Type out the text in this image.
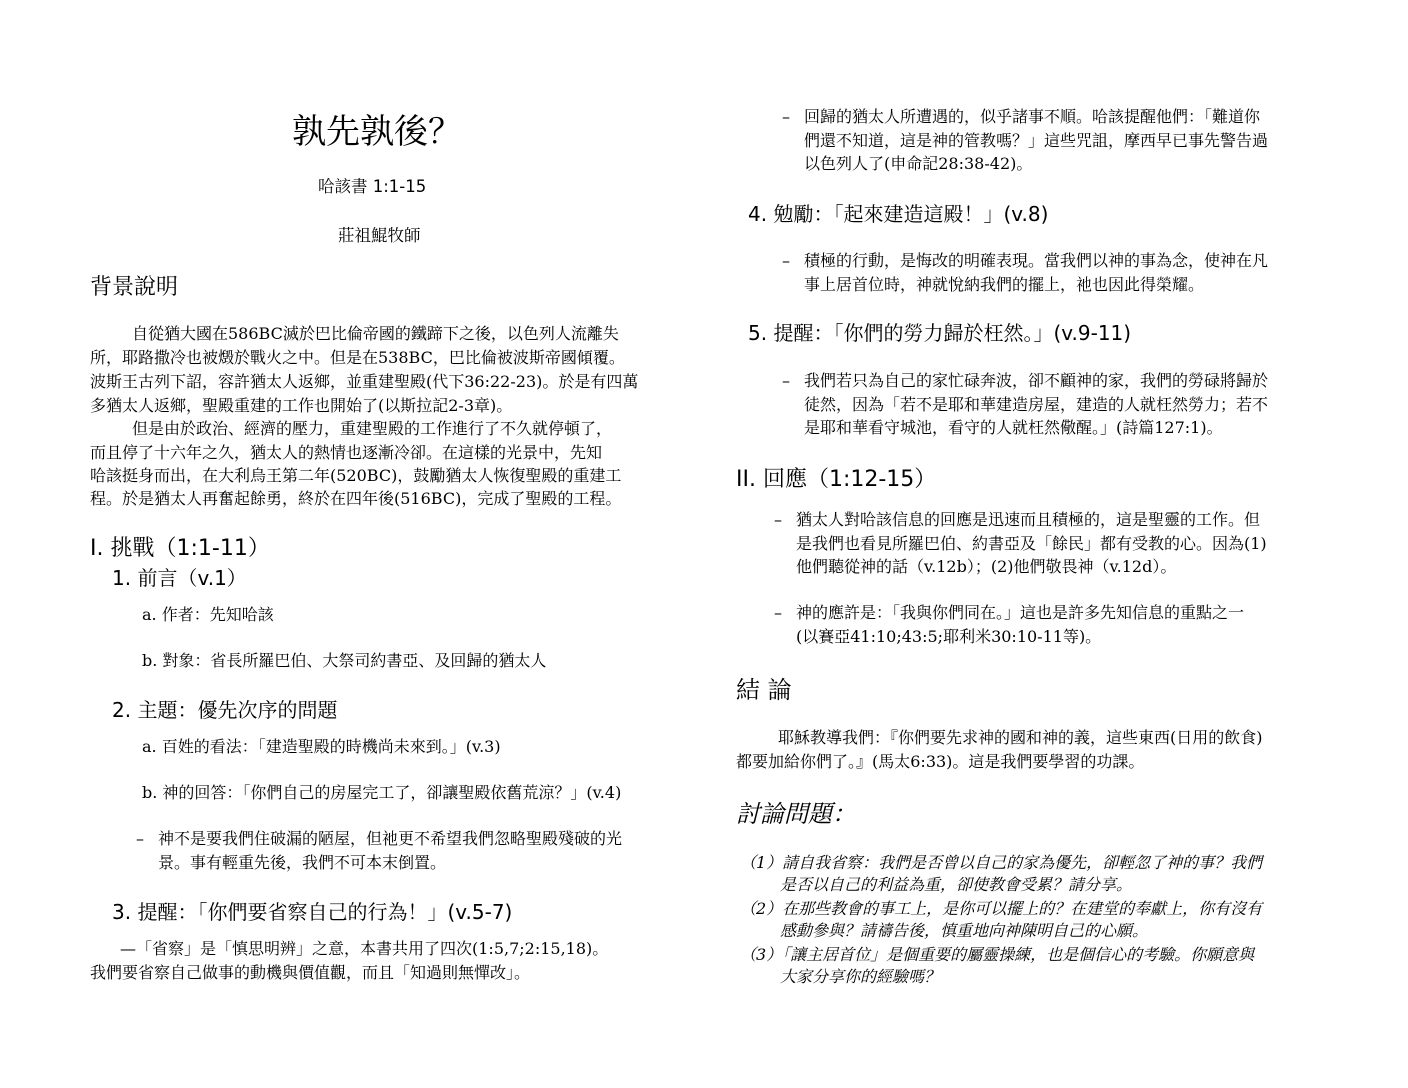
孰先孰後？
哈該書 1:1-15
莊祖鯤牧師
背景說明
自從猶大國在586BC滅於巴比倫帝國的鐵蹄下之後，以色列人流離失
所，耶路撒冷也被燬於戰火之中。但是在538BC，巴比倫被波斯帝國傾覆。
波斯王古列下詔，容許猶太人返鄉，並重建聖殿(代下36:22-23)。於是有四萬
多猶太人返鄉，聖殿重建的工作也開始了(以斯拉記2-3章)。
但是由於政治、經濟的壓力，重建聖殿的工作進行了不久就停頓了，
而且停了十六年之久，猶太人的熱情也逐漸冷卻。在這樣的光景中，先知
哈該挺身而出，在大利烏王第二年(520BC)，鼓勵猶太人恢復聖殿的重建工
程。於是猶太人再奮起餘勇，終於在四年後(516BC)，完成了聖殿的工程。
I. 挑戰（1:1-11）
1. 前言（v.1）
a. 作者：先知哈該
b. 對象：省長所羅巴伯、大祭司約書亞、及回歸的猶太人
2. 主題：優先次序的問題
a. 百姓的看法：「建造聖殿的時機尚未來到。」(v.3)
b. 神的回答：「你們自己的房屋完工了，卻讓聖殿依舊荒涼？」(v.4)
– 神不是要我們住破漏的陋屋，但祂更不希望我們忽略聖殿殘破的光
景。事有輕重先後，我們不可本末倒置。
3. 提醒：「你們要省察自己的行為！」(v.5-7)
—「省察」是「慎思明辨」之意，本書共用了四次(1:5,7;2:15,18)。
我們要省察自己做事的動機與價值觀，而且「知過則無憚改」。
– 回歸的猶太人所遭遇的，似乎諸事不順。哈該提醒他們：「難道你
們還不知道，這是神的管教嗎？」這些咒詛，摩西早已事先警告過
以色列人了(申命記28:38-42)。
4. 勉勵：「起來建造這殿！」(v.8)
– 積極的行動，是悔改的明確表現。當我們以神的事為念，使神在凡
事上居首位時，神就悅納我們的擺上，祂也因此得榮耀。
5. 提醒：「你們的勞力歸於枉然。」(v.9-11)
– 我們若只為自己的家忙碌奔波，卻不顧神的家，我們的勞碌將歸於
徒然，因為「若不是耶和華建造房屋，建造的人就枉然勞力；若不
是耶和華看守城池，看守的人就枉然儆醒。」(詩篇127:1)。
II. 回應（1:12-15）
– 猶太人對哈該信息的回應是迅速而且積極的，這是聖靈的工作。但
是我們也看見所羅巴伯、約書亞及「餘民」都有受教的心。因為(1)
他們聽從神的話（v.12b）；(2)他們敬畏神（v.12d）。
– 神的應許是：「我與你們同在。」這也是許多先知信息的重點之一
(以賽亞41:10;43:5;耶利米30:10-11等)。
結 論
耶穌教導我們：『你們要先求神的國和神的義，這些東西(日用的飲食)
都要加給你們了。』(馬太6:33)。這是我們要學習的功課。
討論問題：
（1）請自我省察：我們是否曾以自己的家為優先，卻輕忽了神的事？我們
是否以自己的利益為重，卻使教會受累？請分享。
（2）在那些教會的事工上，是你可以擺上的？在建堂的奉獻上，你有沒有
感動參與？請禱告後，慎重地向神陳明自己的心願。
（3）「讓主居首位」是個重要的屬靈操練，也是個信心的考驗。你願意與
大家分享你的經驗嗎？
